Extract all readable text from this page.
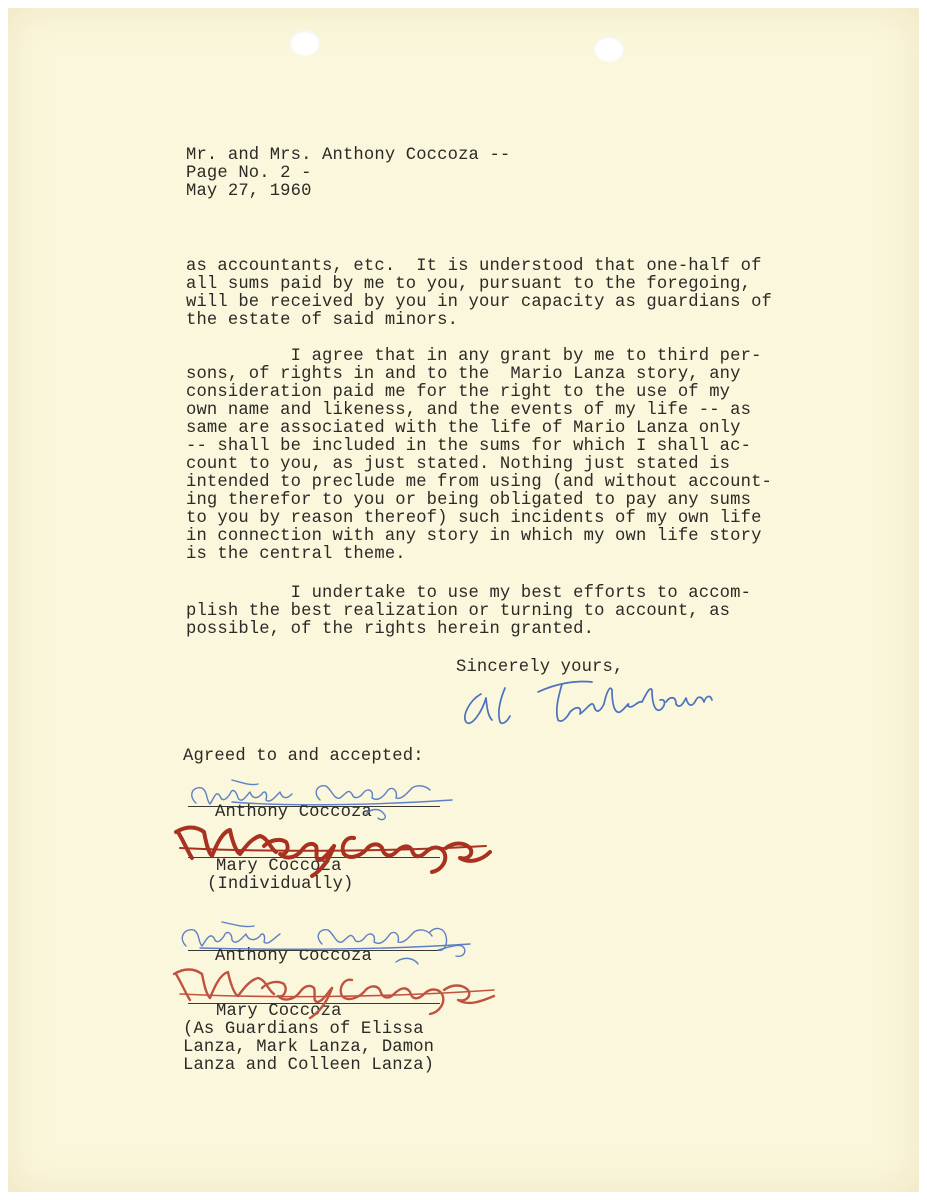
Mr. and Mrs. Anthony Coccoza --
Page No. 2 -
May 27, 1960
as accountants, etc.  It is understood that one-half of
all sums paid by me to you, pursuant to the foregoing,
will be received by you in your capacity as guardians of
the estate of said minors.
I agree that in any grant by me to third per-
sons, of rights in and to the  Mario Lanza story, any
consideration paid me for the right to the use of my
own name and likeness, and the events of my life -- as
same are associated with the life of Mario Lanza only
-- shall be included in the sums for which I shall ac-
count to you, as just stated. Nothing just stated is
intended to preclude me from using (and without account-
ing therefor to you or being obligated to pay any sums
to you by reason thereof) such incidents of my own life
in connection with any story in which my own life story
is the central theme.
I undertake to use my best efforts to accom-
plish the best realization or turning to account, as
possible, of the rights herein granted.
Sincerely yours,
Agreed to and accepted:
Anthony Coccoza
Mary Coccoza
(Individually)
Anthony Coccoza
Mary Coccoza
(As Guardians of Elissa
Lanza, Mark Lanza, Damon
Lanza and Colleen Lanza)
